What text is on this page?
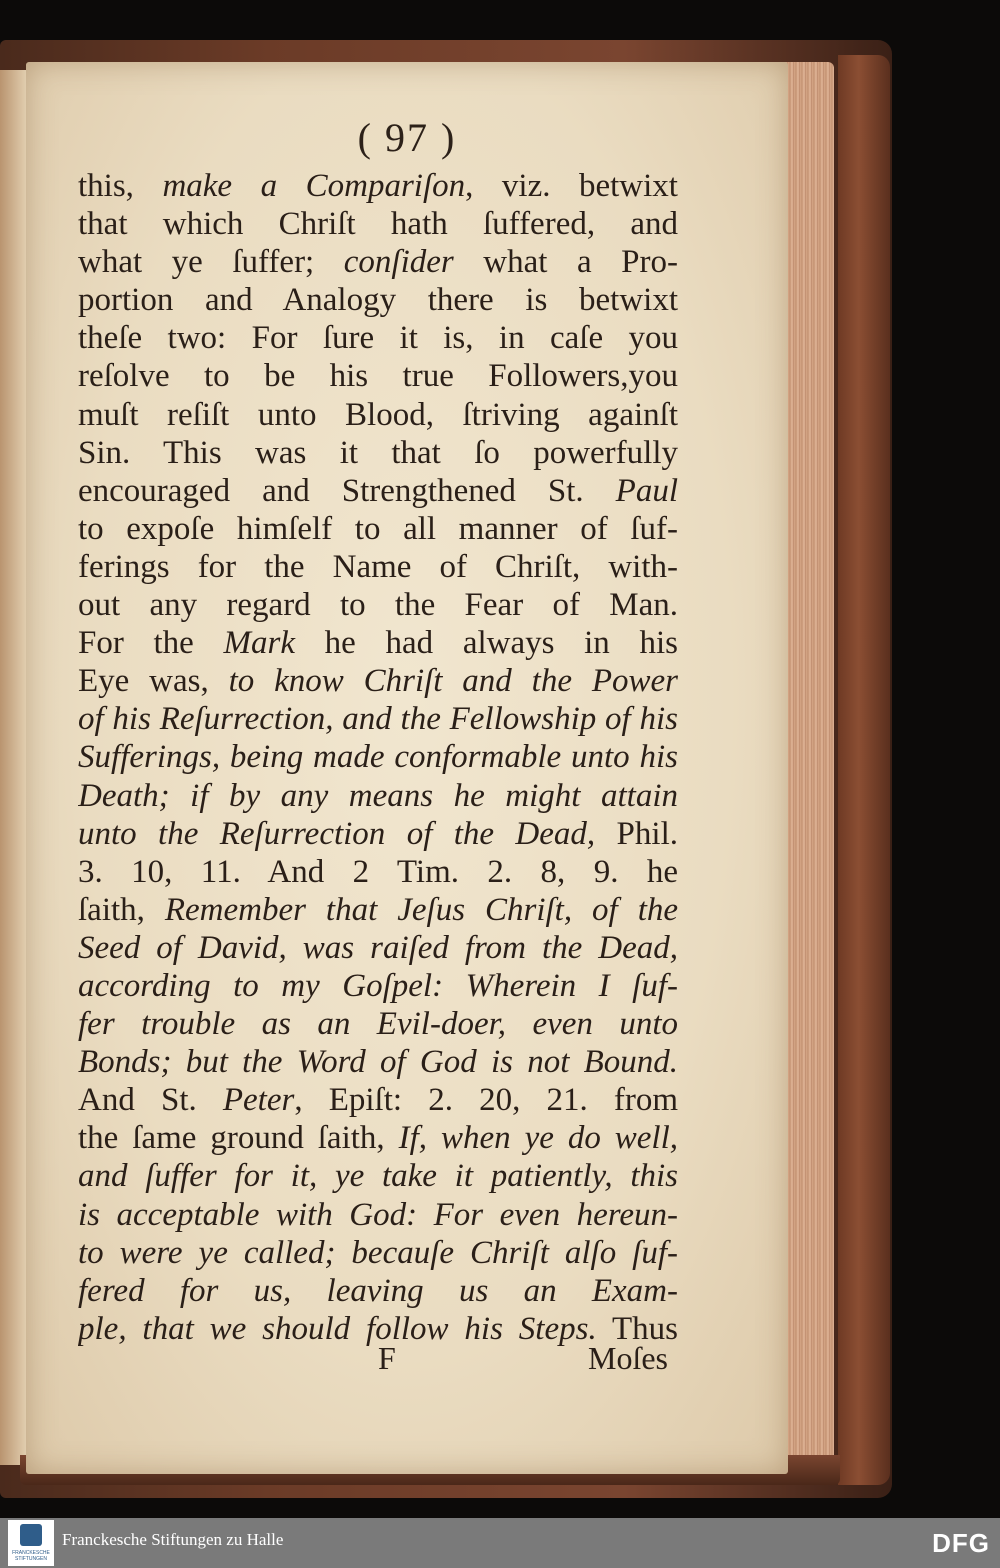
( 97 )
this, make a Compariſon, viz. betwixt
that which Chriſt hath ſuffered, and
what ye ſuffer; conſider what a Pro-
portion and Analogy there is betwixt
theſe two: For ſure it is, in caſe you
reſolve to be his true Followers,you
muſt reſiſt unto Blood, ſtriving againſt
Sin. This was it that ſo powerfully
encouraged and Strengthened St. Paul
to expoſe himſelf to all manner of ſuf-
ferings for the Name of Chriſt, with-
out any regard to the Fear of Man.
For the Mark he had always in his
Eye was, to know Chriſt and the Power
of his Reſurrection, and the Fellowship of his
Sufferings, being made conformable unto his
Death; if by any means he might attain
unto the Reſurrection of the Dead, Phil.
3. 10, 11. And 2 Tim. 2. 8, 9. he
ſaith, Remember that Jeſus Chriſt, of the
Seed of David, was raiſed from the Dead,
according to my Goſpel: Wherein I ſuf-
fer trouble as an Evil-doer, even unto
Bonds; but the Word of God is not Bound.
And St. Peter, Epiſt: 2. 20, 21. from
the ſame ground ſaith, If, when ye do well,
and ſuffer for it, ye take it patiently, this
is acceptable with God: For even hereun-
to were ye called; becauſe Chriſt alſo ſuf-
fered for us, leaving us an Exam-
ple, that we should follow his Steps. Thus
F	Moſes
FRANCKESCHE STIFTUNGEN
Franckesche Stiftungen zu Halle	DFG
